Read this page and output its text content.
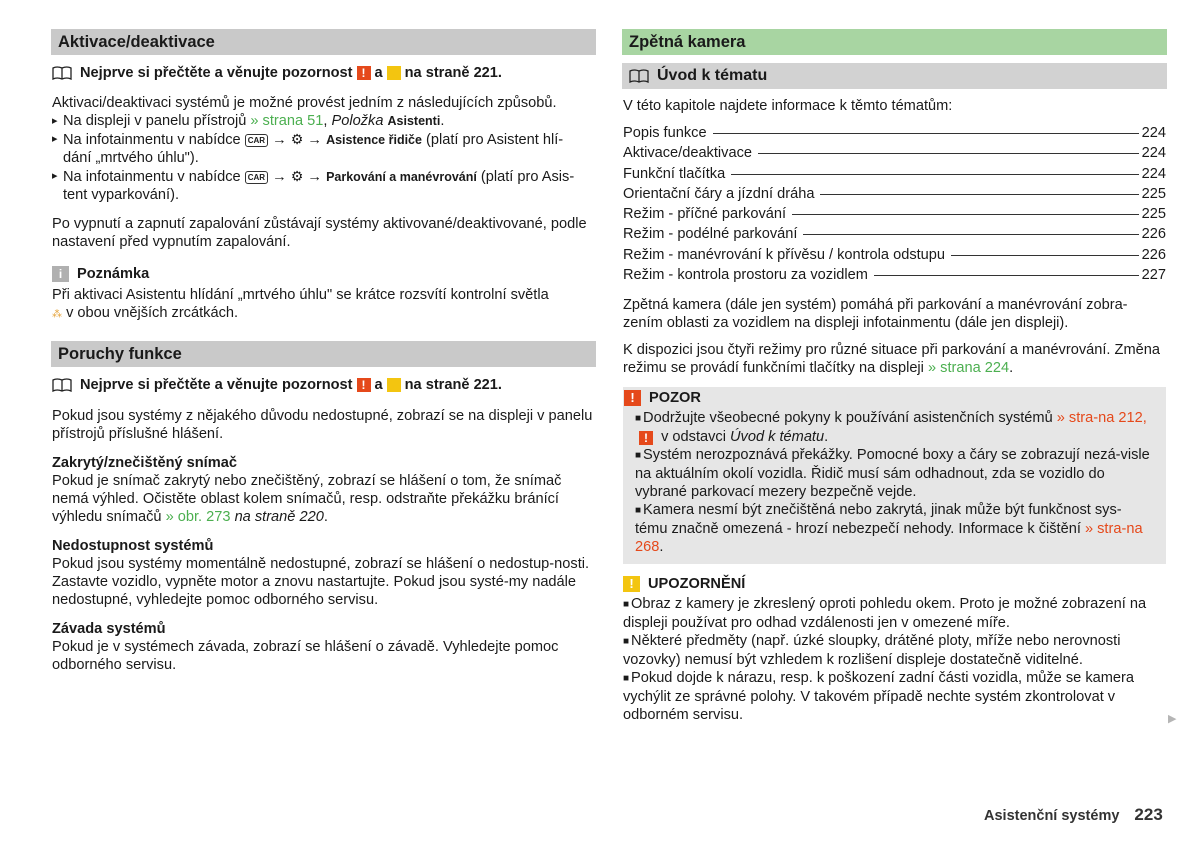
Aktivace/deaktivace
Nejprve si přečtěte a věnujte pozornost ! a ! na straně 221.

Aktivaci/deaktivaci systémů je možné provést jedním z následujících způsobů.

▸ Na displeji v panelu přístrojů » strana 51, Položka Asistenti.
▸ Na infotainmentu v nabídce CAR → ⚙ → Asistence řidiče (platí pro Asistent hlí-
dání „mrtvého úhlu").
▸ Na infotainmentu v nabídce CAR → ⚙ → Parkování a manévrování (platí pro Asis-
tent vyparkování).

Po vypnutí a zapnutí zapalování zůstávají systémy aktivované/deaktivované, podle nastavení před vypnutím zapalování.

i	Poznámka

Při aktivaci Asistentu hlídání „mrtvého úhlu" se krátce rozsvítí kontrolní světla
⁂ v obou vnějších zrcátkách.

Poruchy funkce
Nejprve si přečtěte a věnujte pozornost ! a ! na straně 221.

Pokud jsou systémy z nějakého důvodu nedostupné, zobrazí se na displeji v panelu přístrojů příslušné hlášení.

Zakrytý/znečištěný snímač

Pokud je snímač zakrytý nebo znečištěný, zobrazí se hlášení o tom, že snímač nemá výhled. Očistěte oblast kolem snímačů, resp. odstraňte překážku bránící výhledu snímačů » obr. 273 na straně 220.

Nedostupnost systémů

Pokud jsou systémy momentálně nedostupné, zobrazí se hlášení o nedostup-nosti. Zastavte vozidlo, vypněte motor a znovu nastartujte. Pokud jsou systé-my nadále nedostupné, vyhledejte pomoc odborného servisu.

Závada systémů

Pokud je v systémech závada, zobrazí se hlášení o závadě. Vyhledejte pomoc odborného servisu.

Zpětná kamera
Úvod k tématu

V této kapitole najdete informace k těmto tématům:

Popis funkce	224
Aktivace/deaktivace	224
Funkční tlačítka	224
Orientační čáry a jízdní dráha	225
Režim - příčné parkování	225
Režim - podélné parkování	226
Režim - manévrování k přívěsu / kontrola odstupu	226
Režim - kontrola prostoru za vozidlem	227

Zpětná kamera (dále jen systém) pomáhá při parkování a manévrování zobra-zením oblasti za vozidlem na displeji infotainmentu (dále jen displeji).

K dispozici jsou čtyři režimy pro různé situace při parkování a manévrování. Změna režimu se provádí funkčními tlačítky na displeji » strana 224.

! POZOR

■ Dodržujte všeobecné pokyny k používání asistenčních systémů » stra-na 212, ! v odstavci Úvod k tématu.

■ Systém nerozpoznává překážky. Pomocné boxy a čáry se zobrazují nezá-visle na aktuálním okolí vozidla. Řidič musí sám odhadnout, zda se vozidlo do vybrané parkovací mezery bezpečně vejde.

■ Kamera nesmí být znečištěná nebo zakrytá, jinak může být funkčnost sys-tému značně omezená - hrozí nebezpečí nehody. Informace k čištění » stra-na 268.

! UPOZORNĚNÍ

■ Obraz z kamery je zkreslený oproti pohledu okem. Proto je možné zobrazení na displeji používat pro odhad vzdálenosti jen v omezené míře.

■ Některé předměty (např. úzké sloupky, drátěné ploty, mříže nebo nerovnosti vozovky) nemusí být vzhledem k rozlišení displeje dostatečně viditelné.

■ Pokud dojde k nárazu, resp. k poškození zadní části vozidla, může se kamera vychýlit ze správné polohy. V takovém případě nechte systém zkontrolovat v odborném servisu.	▶
Asistenční systémy 223
